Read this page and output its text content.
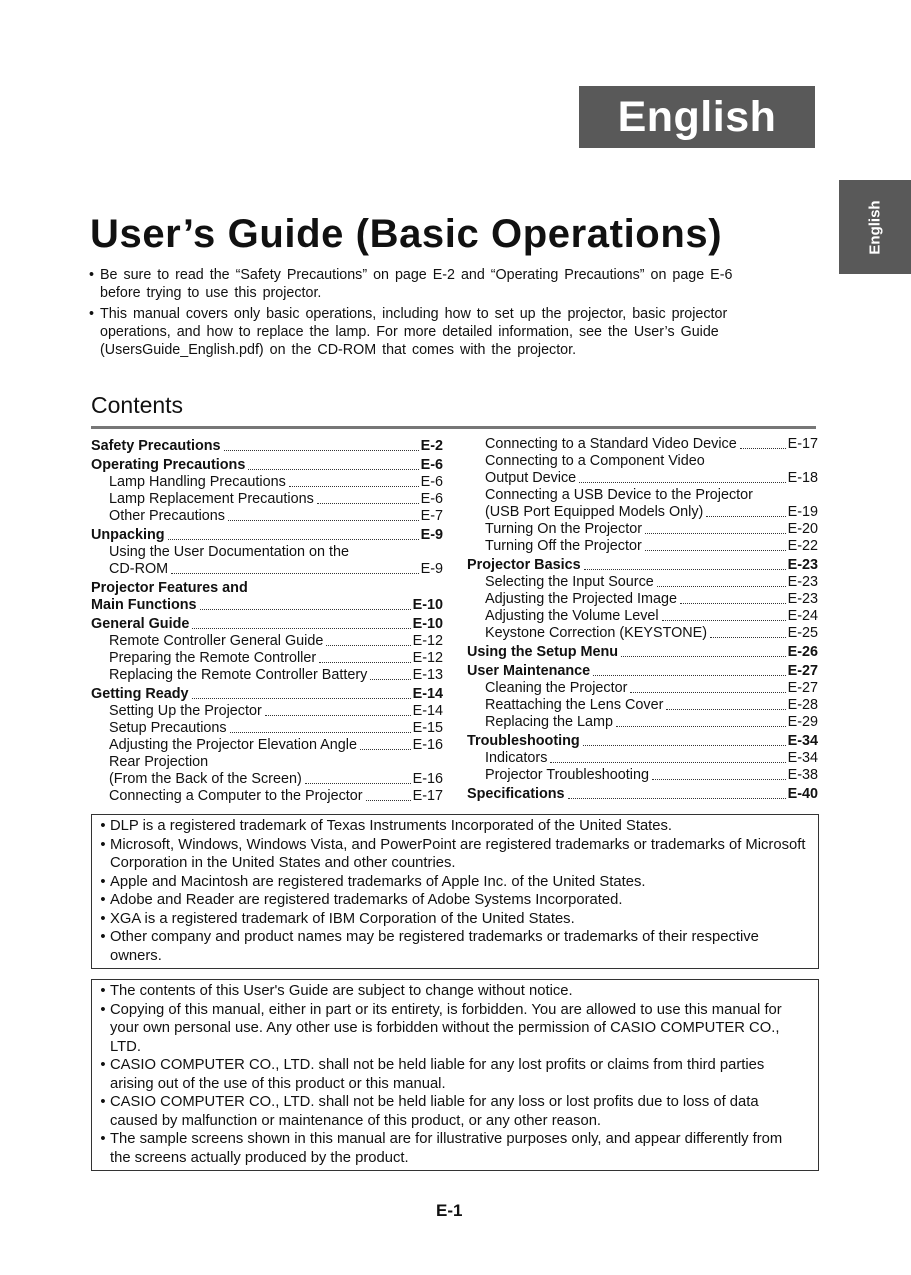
English
English
User’s Guide (Basic Operations)
• Be sure to read the “Safety Precautions” on page E-2 and “Operating Precautions” on page E-6 before trying to use this projector.
• This manual covers only basic operations, including how to set up the projector, basic projector operations, and how to replace the lamp. For more detailed information, see the User’s Guide (UsersGuide_English.pdf) on the CD-ROM that comes with the projector.
Contents
Safety Precautions	E-2
Operating Precautions	E-6
Lamp Handling Precautions	E-6
Lamp Replacement Precautions	E-6
Other Precautions	E-7
Unpacking	E-9
Using the User Documentation on the
CD-ROM	E-9
Projector Features and
Main Functions	E-10
General Guide	E-10
Remote Controller General Guide	E-12
Preparing the Remote Controller	E-12
Replacing the Remote Controller Battery	E-13
Getting Ready	E-14
Setting Up the Projector	E-14
Setup Precautions	E-15
Adjusting the Projector Elevation Angle	E-16
Rear Projection
(From the Back of the Screen)	E-16
Connecting a Computer to the Projector	E-17
Connecting to a Standard Video Device	E-17
Connecting to a Component Video
Output Device	E-18
Connecting a USB Device to the Projector
(USB Port Equipped Models Only)	E-19
Turning On the Projector	E-20
Turning Off the Projector	E-22
Projector Basics	E-23
Selecting the Input Source	E-23
Adjusting the Projected Image	E-23
Adjusting the Volume Level	E-24
Keystone Correction (KEYSTONE)	E-25
Using the Setup Menu	E-26
User Maintenance	E-27
Cleaning the Projector	E-27
Reattaching the Lens Cover	E-28
Replacing the Lamp	E-29
Troubleshooting	E-34
Indicators	E-34
Projector Troubleshooting	E-38
Specifications	E-40
• DLP is a registered trademark of Texas Instruments Incorporated of the United States.
• Microsoft, Windows, Windows Vista, and PowerPoint are registered trademarks or trademarks of Microsoft Corporation in the United States and other countries.
• Apple and Macintosh are registered trademarks of Apple Inc. of the United States.
• Adobe and Reader are registered trademarks of Adobe Systems Incorporated.
• XGA is a registered trademark of IBM Corporation of the United States.
• Other company and product names may be registered trademarks or trademarks of their respective owners.
• The contents of this User's Guide are subject to change without notice.
• Copying of this manual, either in part or its entirety, is forbidden. You are allowed to use this manual for your own personal use. Any other use is forbidden without the permission of CASIO COMPUTER CO., LTD.
• CASIO COMPUTER CO., LTD. shall not be held liable for any lost profits or claims from third parties arising out of the use of this product or this manual.
• CASIO COMPUTER CO., LTD. shall not be held liable for any loss or lost profits due to loss of data caused by malfunction or maintenance of this product, or any other reason.
• The sample screens shown in this manual are for illustrative purposes only, and appear differently from the screens actually produced by the product.
E-1
